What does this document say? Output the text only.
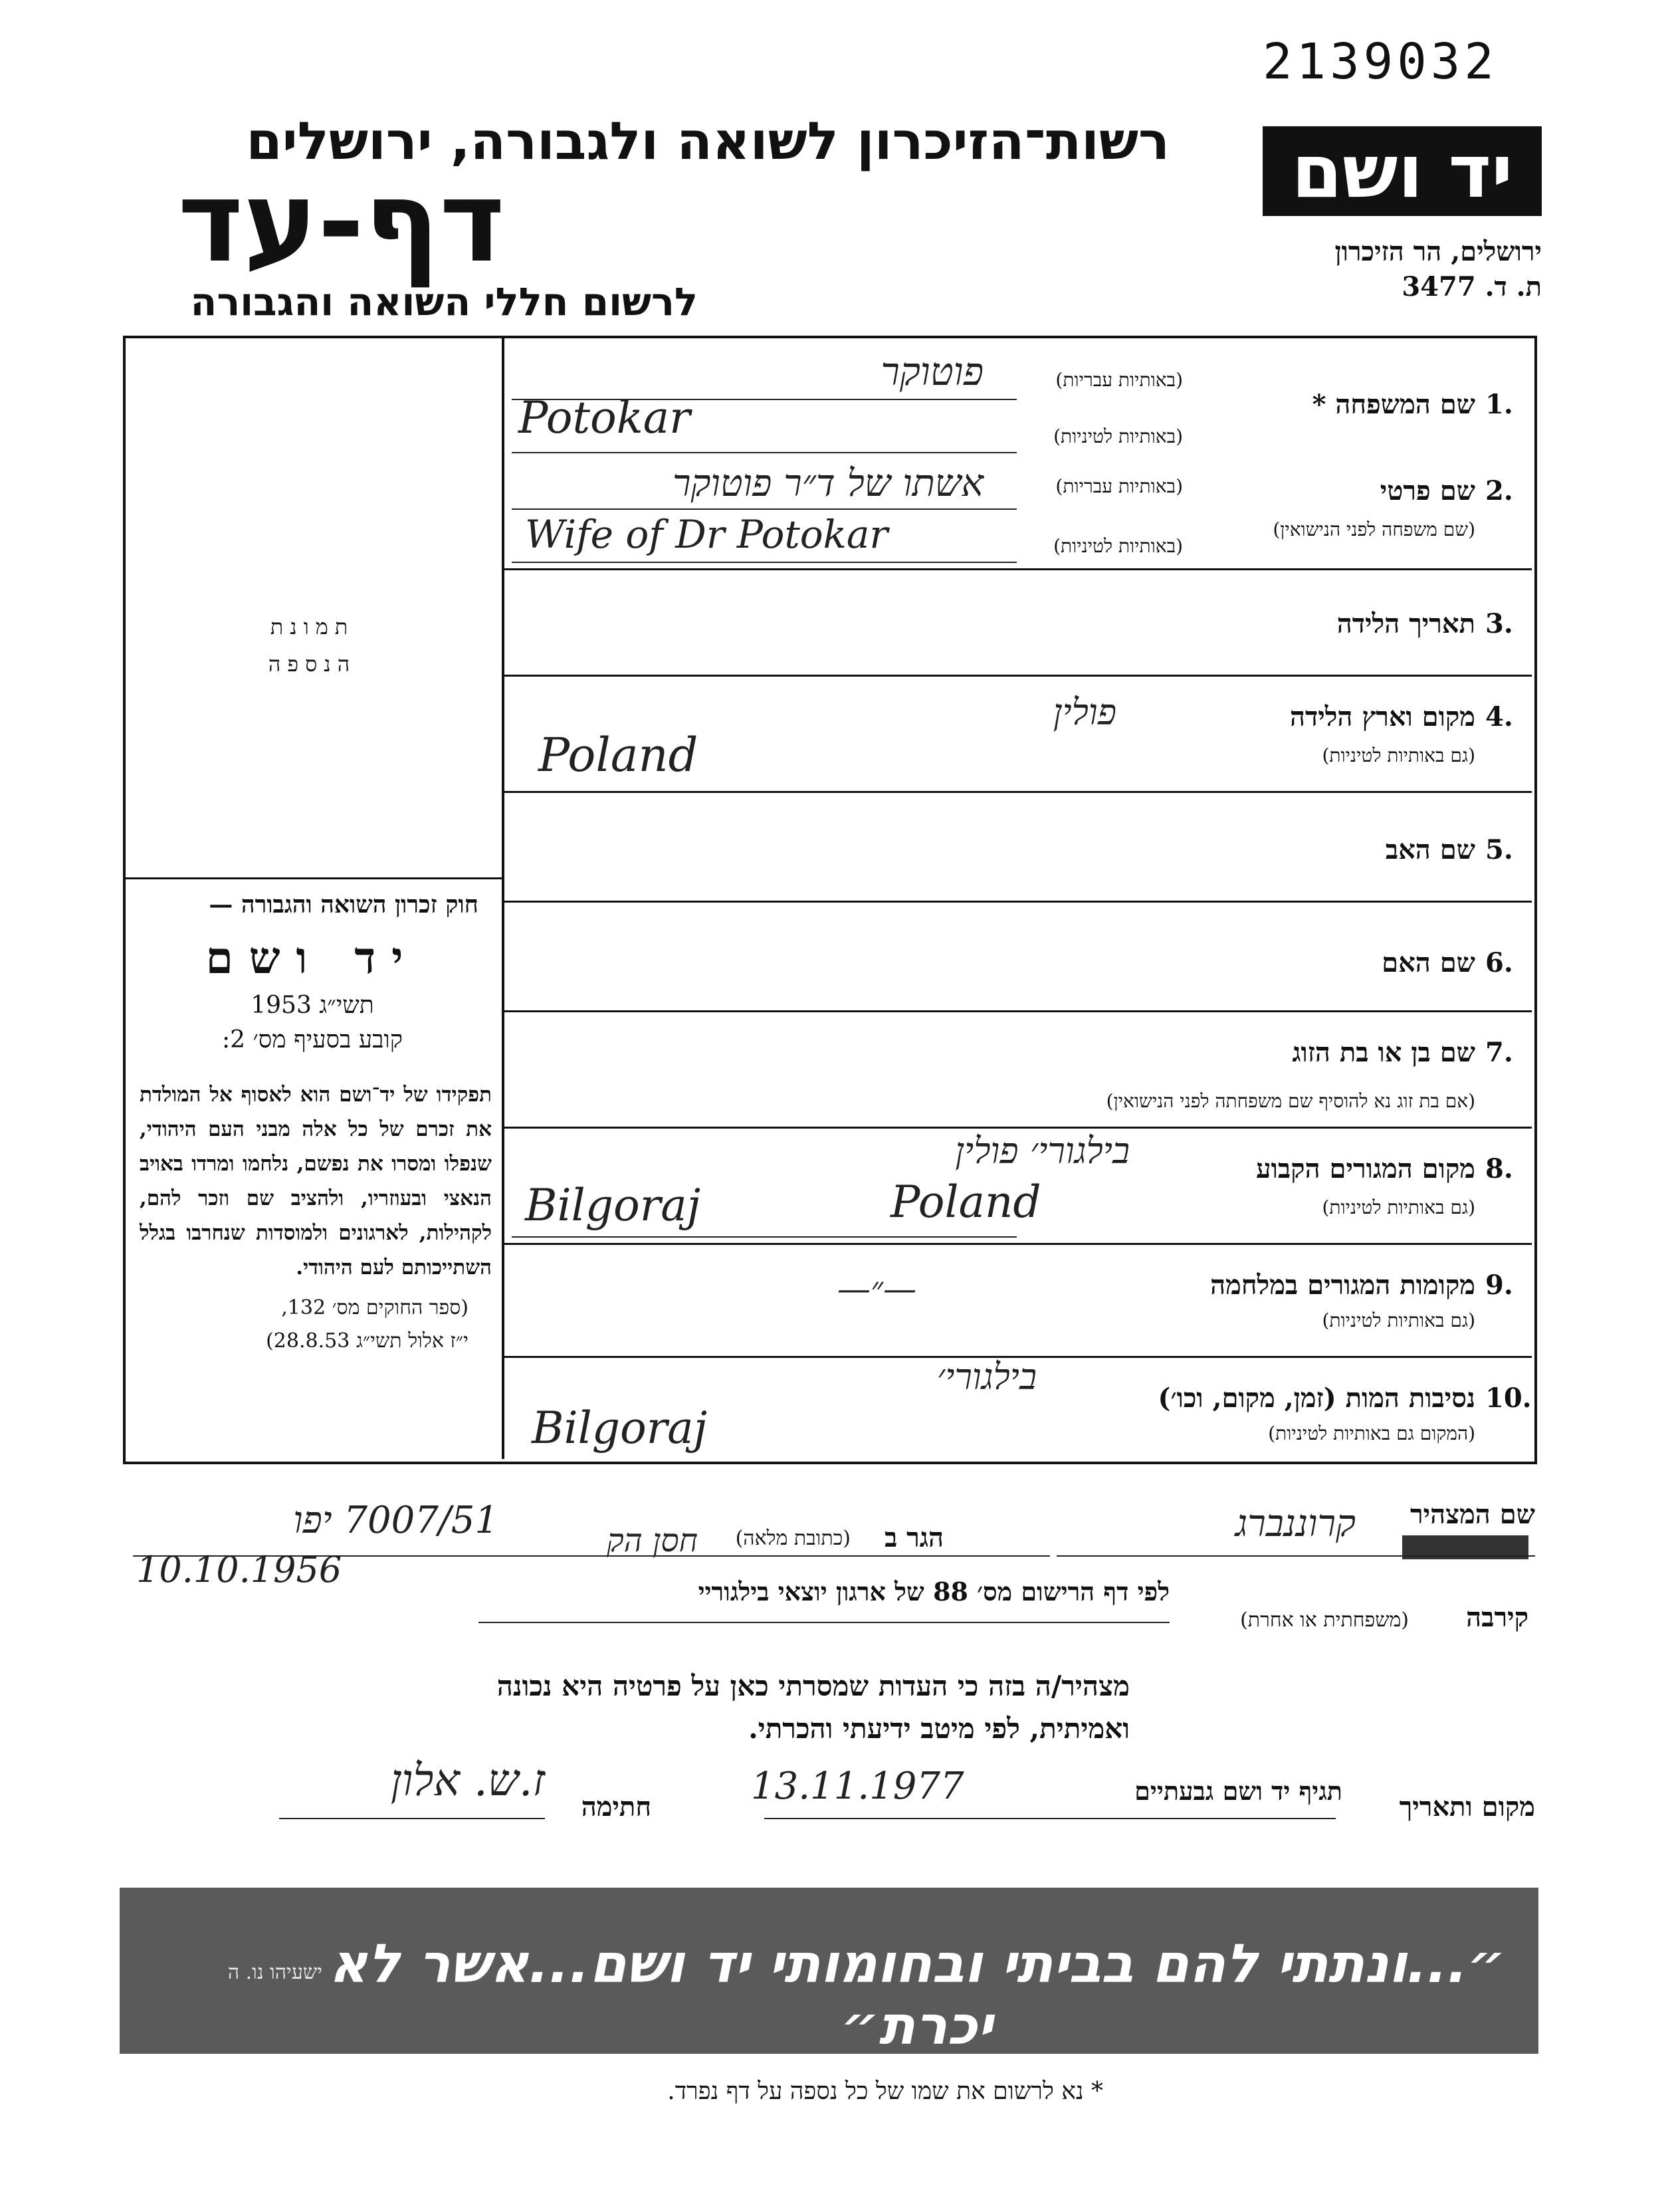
2139032
יד ושם
ירושלים, הר הזיכרון
ת. ד. 3477
רשות־הזיכרון לשואה ולגבורה, ירושלים
דף-עד
לרשום חללי השואה והגבורה
תמונת
הנספה
חוק זכרון השואה והגבורה —
יד ושם
תשי״ג 1953
קובע בסעיף מס׳ 2:
תפקידו של יד־ושם הוא לאסוף אל המולדת את זכרם של כל אלה מבני העם היהודי, שנפלו ומסרו את נפשם, נלחמו ומרדו באויב הנאצי ובעוזריו, ולהציב שם וזכר להם, לקהילות, לארגונים ולמוסדות שנחרבו בגלל השתייכותם לעם היהודי.
(ספר החוקים מס׳ 132,
י״ז אלול תשי״ג 28.8.53)
1.
שם המשפחה *
(באותיות עבריות)
(באותיות לטיניות)
פוטוקר
Potokar
2.
שם פרטי
(שם משפחה לפני הנישואין)
(באותיות עבריות)
(באותיות לטיניות)
אשתו של ד״ר פוטוקר
Wife of Dr Potokar
3.
תאריך הלידה
4.
מקום וארץ הלידה
(גם באותיות לטיניות)
פולין
Poland
5.
שם האב
6.
שם האם
7.
שם בן או בת הזוג
(אם בת זוג נא להוסיף שם משפחתה לפני הנישואין)
8.
מקום המגורים הקבוע
(גם באותיות לטיניות)
בילגורי׳ פולין
Bilgoraj	Poland
9.
מקומות המגורים במלחמה
(גם באותיות לטיניות)
—״—
10.
נסיבות המות (זמן, מקום, וכו׳)
(המקום גם באותיות לטיניות)
בילגורי׳
Bilgoraj
שם המצהיר
קרוננברג
הגר ב
(כתובת מלאה)
חסן הק
7007/51 יפו
10.10.1956
קירבה
(משפחתית או אחרת)
לפי דף הרישום מס׳ 88 של ארגון יוצאי בילגוריי
מצהיר/ה בזה כי העדות שמסרתי כאן על פרטיה היא נכונה ואמיתית, לפי מיטב ידיעתי והכרתי.
מקום ותאריך
תגיף יד ושם גבעתיים
13.11.1977
חתימה
ז.ש. אלון
״...ונתתי להם בביתי ובחומותי יד ושם...אשר לא יכרת״
ישעיהו נו. ה
* נא לרשום את שמו של כל נספה על דף נפרד.
